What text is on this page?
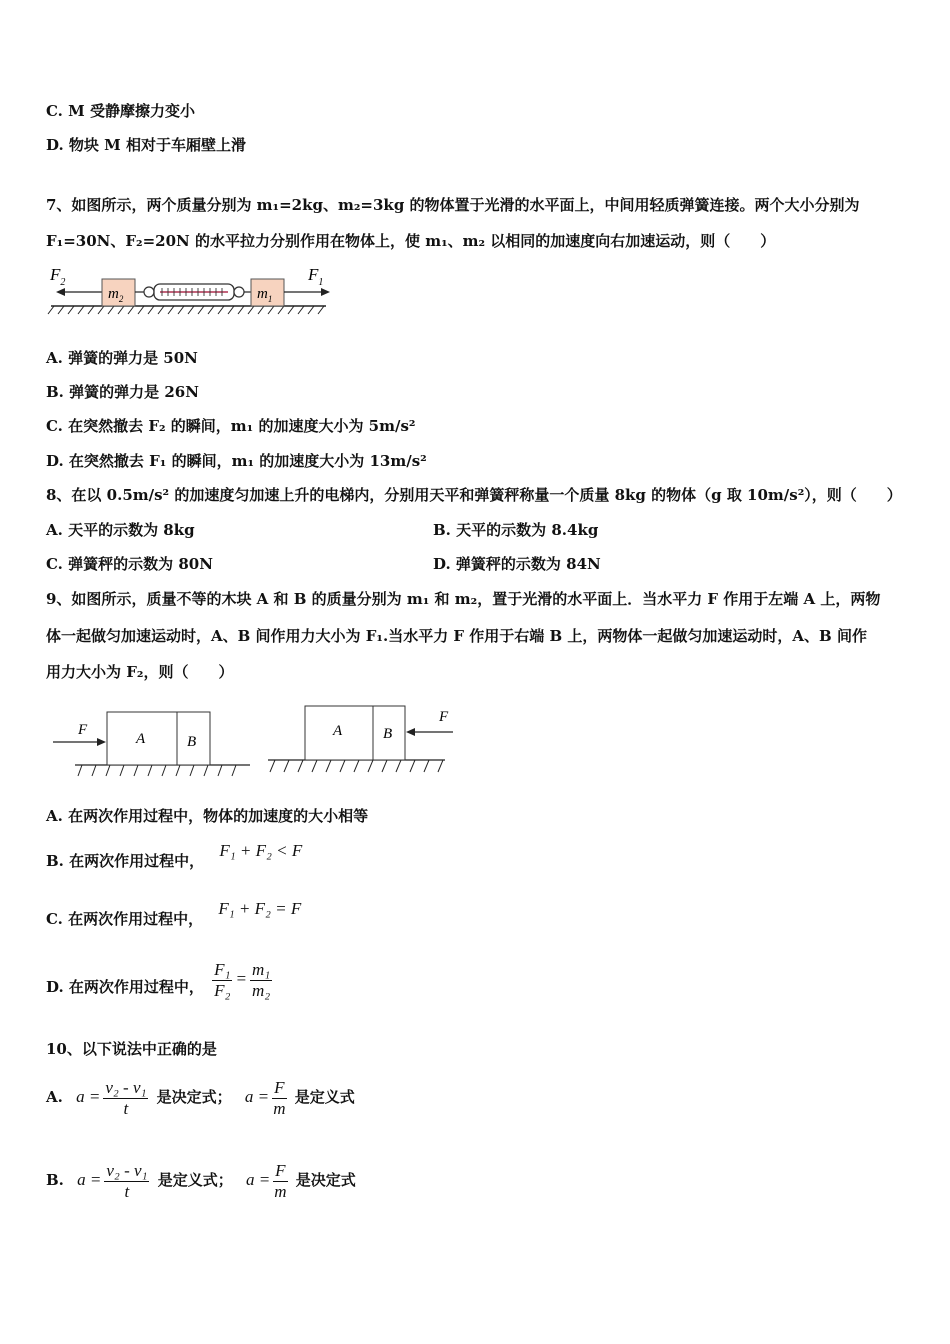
C. M 受静摩擦力变小
D. 物块 M 相对于车厢壁上滑
7、如图所示，两个质量分别为 m₁=2kg、m₂=3kg 的物体置于光滑的水平面上，中间用轻质弹簧连接。两个大小分别为
F₁=30N、F₂=20N 的水平拉力分别作用在物体上，使 m₁、m₂ 以相同的加速度向右加速运动，则（　　）
$F_2$
$m_2$	$m_1$
$F_1$
A. 弹簧的弹力是 50N
B. 弹簧的弹力是 26N
C. 在突然撤去 F₂ 的瞬间，m₁ 的加速度大小为 5m/s²
D. 在突然撤去 F₁ 的瞬间，m₁ 的加速度大小为 13m/s²
8、在以 0.5m/s² 的加速度匀加速上升的电梯内，分别用天平和弹簧秤称量一个质量 8kg 的物体（g 取 10m/s²），则（　　）
A. 天平的示数为 8kg	B. 天平的示数为 8.4kg
C. 弹簧秤的示数为 80N	D. 弹簧秤的示数为 84N
9、如图所示，质量不等的木块 A 和 B 的质量分别为 m₁ 和 m₂，置于光滑的水平面上．当水平力 F 作用于左端 A 上，两物
体一起做匀加速运动时，A、B 间作用力大小为 F₁.当水平力 F 作用于右端 B 上，两物体一起做匀加速运动时，A、B 间作
用力大小为 F₂，则（　　）
A	B
F	A	B
F
A. 在两次作用过程中，物体的加速度的大小相等
B. 在两次作用过程中， F₁ + F₂ < F
C. 在两次作用过程中， F₁ + F₂ = F
D. 在两次作用过程中， $\frac{\text{F₁}}{\text{F₂}} = \frac{\text{m₁}}{\text{m₂}}$
10、以下说法中正确的是
A. $a = \frac{\text{v₂ - v₁}}{t}$ 是决定式； $a = \frac{F}{m}$ 是定义式
B. $a = \frac{\text{v₂ - v₁}}{t}$ 是定义式； $a = \frac{F}{m}$ 是决定式
